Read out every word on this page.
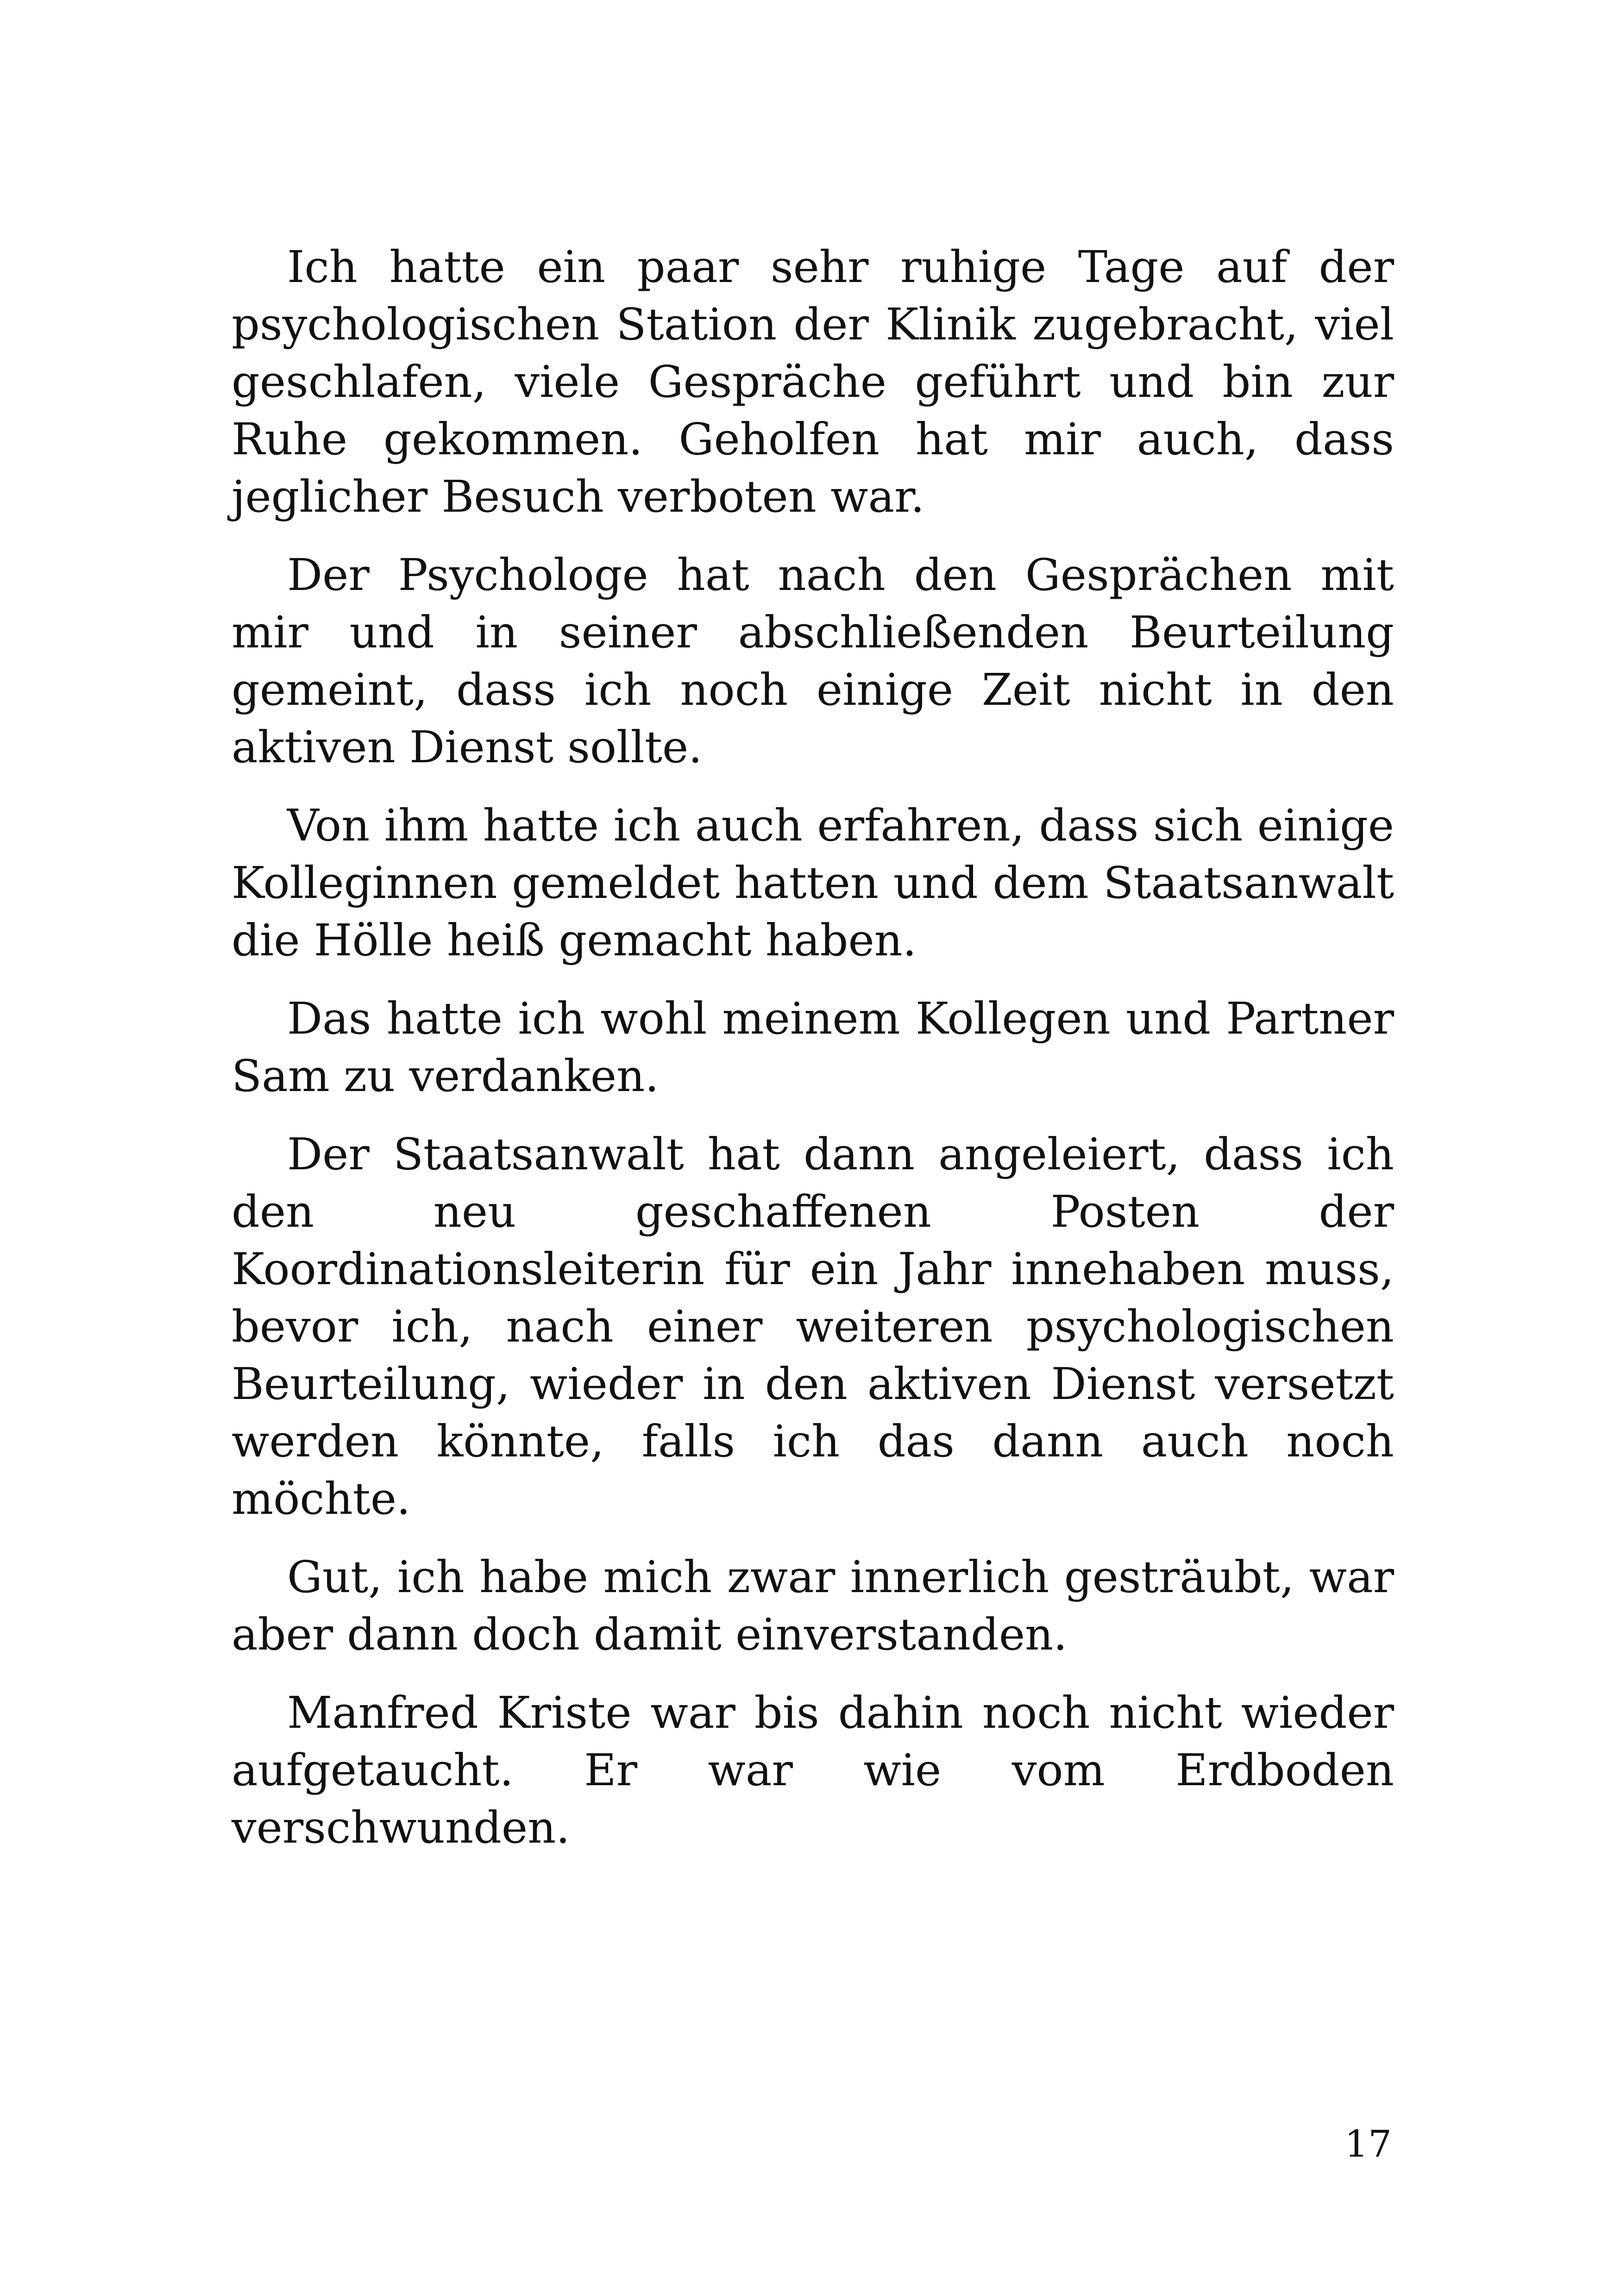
Ich hatte ein paar sehr ruhige Tage auf der psychologischen Station der Klinik zugebracht, viel geschlafen, viele Gespräche geführt und bin zur Ruhe gekommen. Geholfen hat mir auch, dass jeglicher Besuch verboten war.

Der Psychologe hat nach den Gesprächen mit mir und in seiner abschließenden Beurteilung gemeint, dass ich noch einige Zeit nicht in den aktiven Dienst sollte.

Von ihm hatte ich auch erfahren, dass sich einige Kolleginnen gemeldet hatten und dem Staatsanwalt die Hölle heiß gemacht haben.

Das hatte ich wohl meinem Kollegen und Partner Sam zu verdanken.

Der Staatsanwalt hat dann angeleiert, dass ich den neu geschaffenen Posten der Koordinationsleiterin für ein Jahr innehaben muss, bevor ich, nach einer weiteren psychologischen Beurteilung, wieder in den aktiven Dienst versetzt werden könnte, falls ich das dann auch noch möchte.

Gut, ich habe mich zwar innerlich gesträubt, war aber dann doch damit einverstanden.

Manfred Kriste war bis dahin noch nicht wieder aufgetaucht. Er war wie vom Erdboden verschwunden.

17
